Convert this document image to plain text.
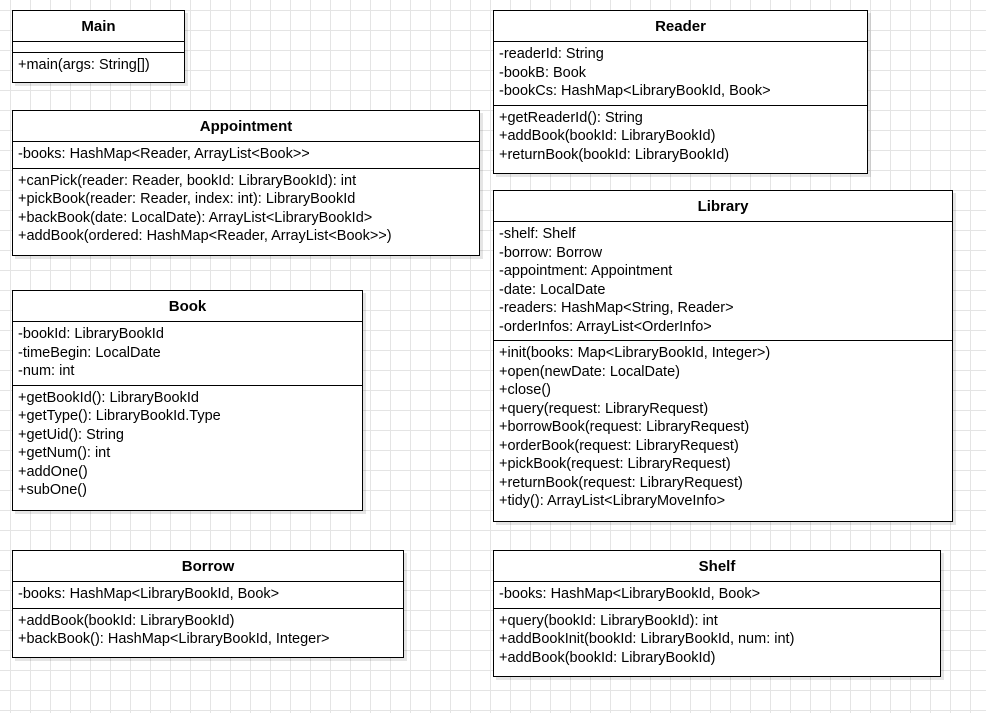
Main
+main(args: String[])
Reader
-readerId: String
-bookB: Book
-bookCs: HashMap<LibraryBookId, Book>
+getReaderId(): String
+addBook(bookId: LibraryBookId)
+returnBook(bookId: LibraryBookId)
Appointment
-books: HashMap<Reader, ArrayList<Book>>
+canPick(reader: Reader, bookId: LibraryBookId): int
+pickBook(reader: Reader, index: int): LibraryBookId
+backBook(date: LocalDate): ArrayList<LibraryBookId>
+addBook(ordered: HashMap<Reader, ArrayList<Book>>)
Library
-shelf: Shelf
-borrow: Borrow
-appointment: Appointment
-date: LocalDate
-readers: HashMap<String, Reader>
-orderInfos: ArrayList<OrderInfo>
+init(books: Map<LibraryBookId, Integer>)
+open(newDate: LocalDate)
+close()
+query(request: LibraryRequest)
+borrowBook(request: LibraryRequest)
+orderBook(request: LibraryRequest)
+pickBook(request: LibraryRequest)
+returnBook(request: LibraryRequest)
+tidy(): ArrayList<LibraryMoveInfo>
Book
-bookId: LibraryBookId
-timeBegin: LocalDate
-num: int
+getBookId(): LibraryBookId
+getType(): LibraryBookId.Type
+getUid(): String
+getNum(): int
+addOne()
+subOne()
Borrow
-books: HashMap<LibraryBookId, Book>
+addBook(bookId: LibraryBookId)
+backBook(): HashMap<LibraryBookId, Integer>
Shelf
-books: HashMap<LibraryBookId, Book>
+query(bookId: LibraryBookId): int
+addBookInit(bookId: LibraryBookId, num: int)
+addBook(bookId: LibraryBookId)
